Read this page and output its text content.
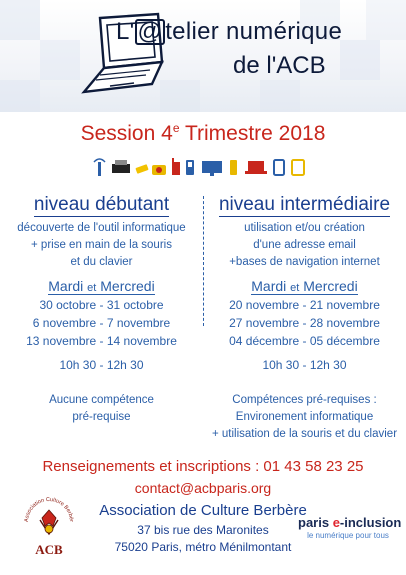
L' @ telier numérique
de l'ACB
Session 4e Trimestre 2018
niveau débutant
découverte de l'outil informatique
+ prise en main de la souris
et du clavier
Mardi et Mercredi
30 octobre - 31 octobre
6 novembre - 7 novembre
13 novembre - 14 novembre
10h 30 - 12h 30
Aucune compétence
pré-requise
niveau intermédiaire
utilisation et/ou création
d'une adresse email
+bases de navigation internet
Mardi et Mercredi
20 novembre - 21 novembre
27 novembre - 28 novembre
04 décembre - 05 décembre
10h 30 - 12h 30
Compétences pré-requises :
Environement informatique
+ utilisation de la souris et du clavier
Renseignements et inscriptions : 01 43 58 23 25
contact@acbparis.org
Association de Culture Berbère
37 bis rue des Maronites
75020 Paris, métro Ménilmontant
Association Culture Berbèr
ACB
paris e-inclusion
le numérique pour tous
